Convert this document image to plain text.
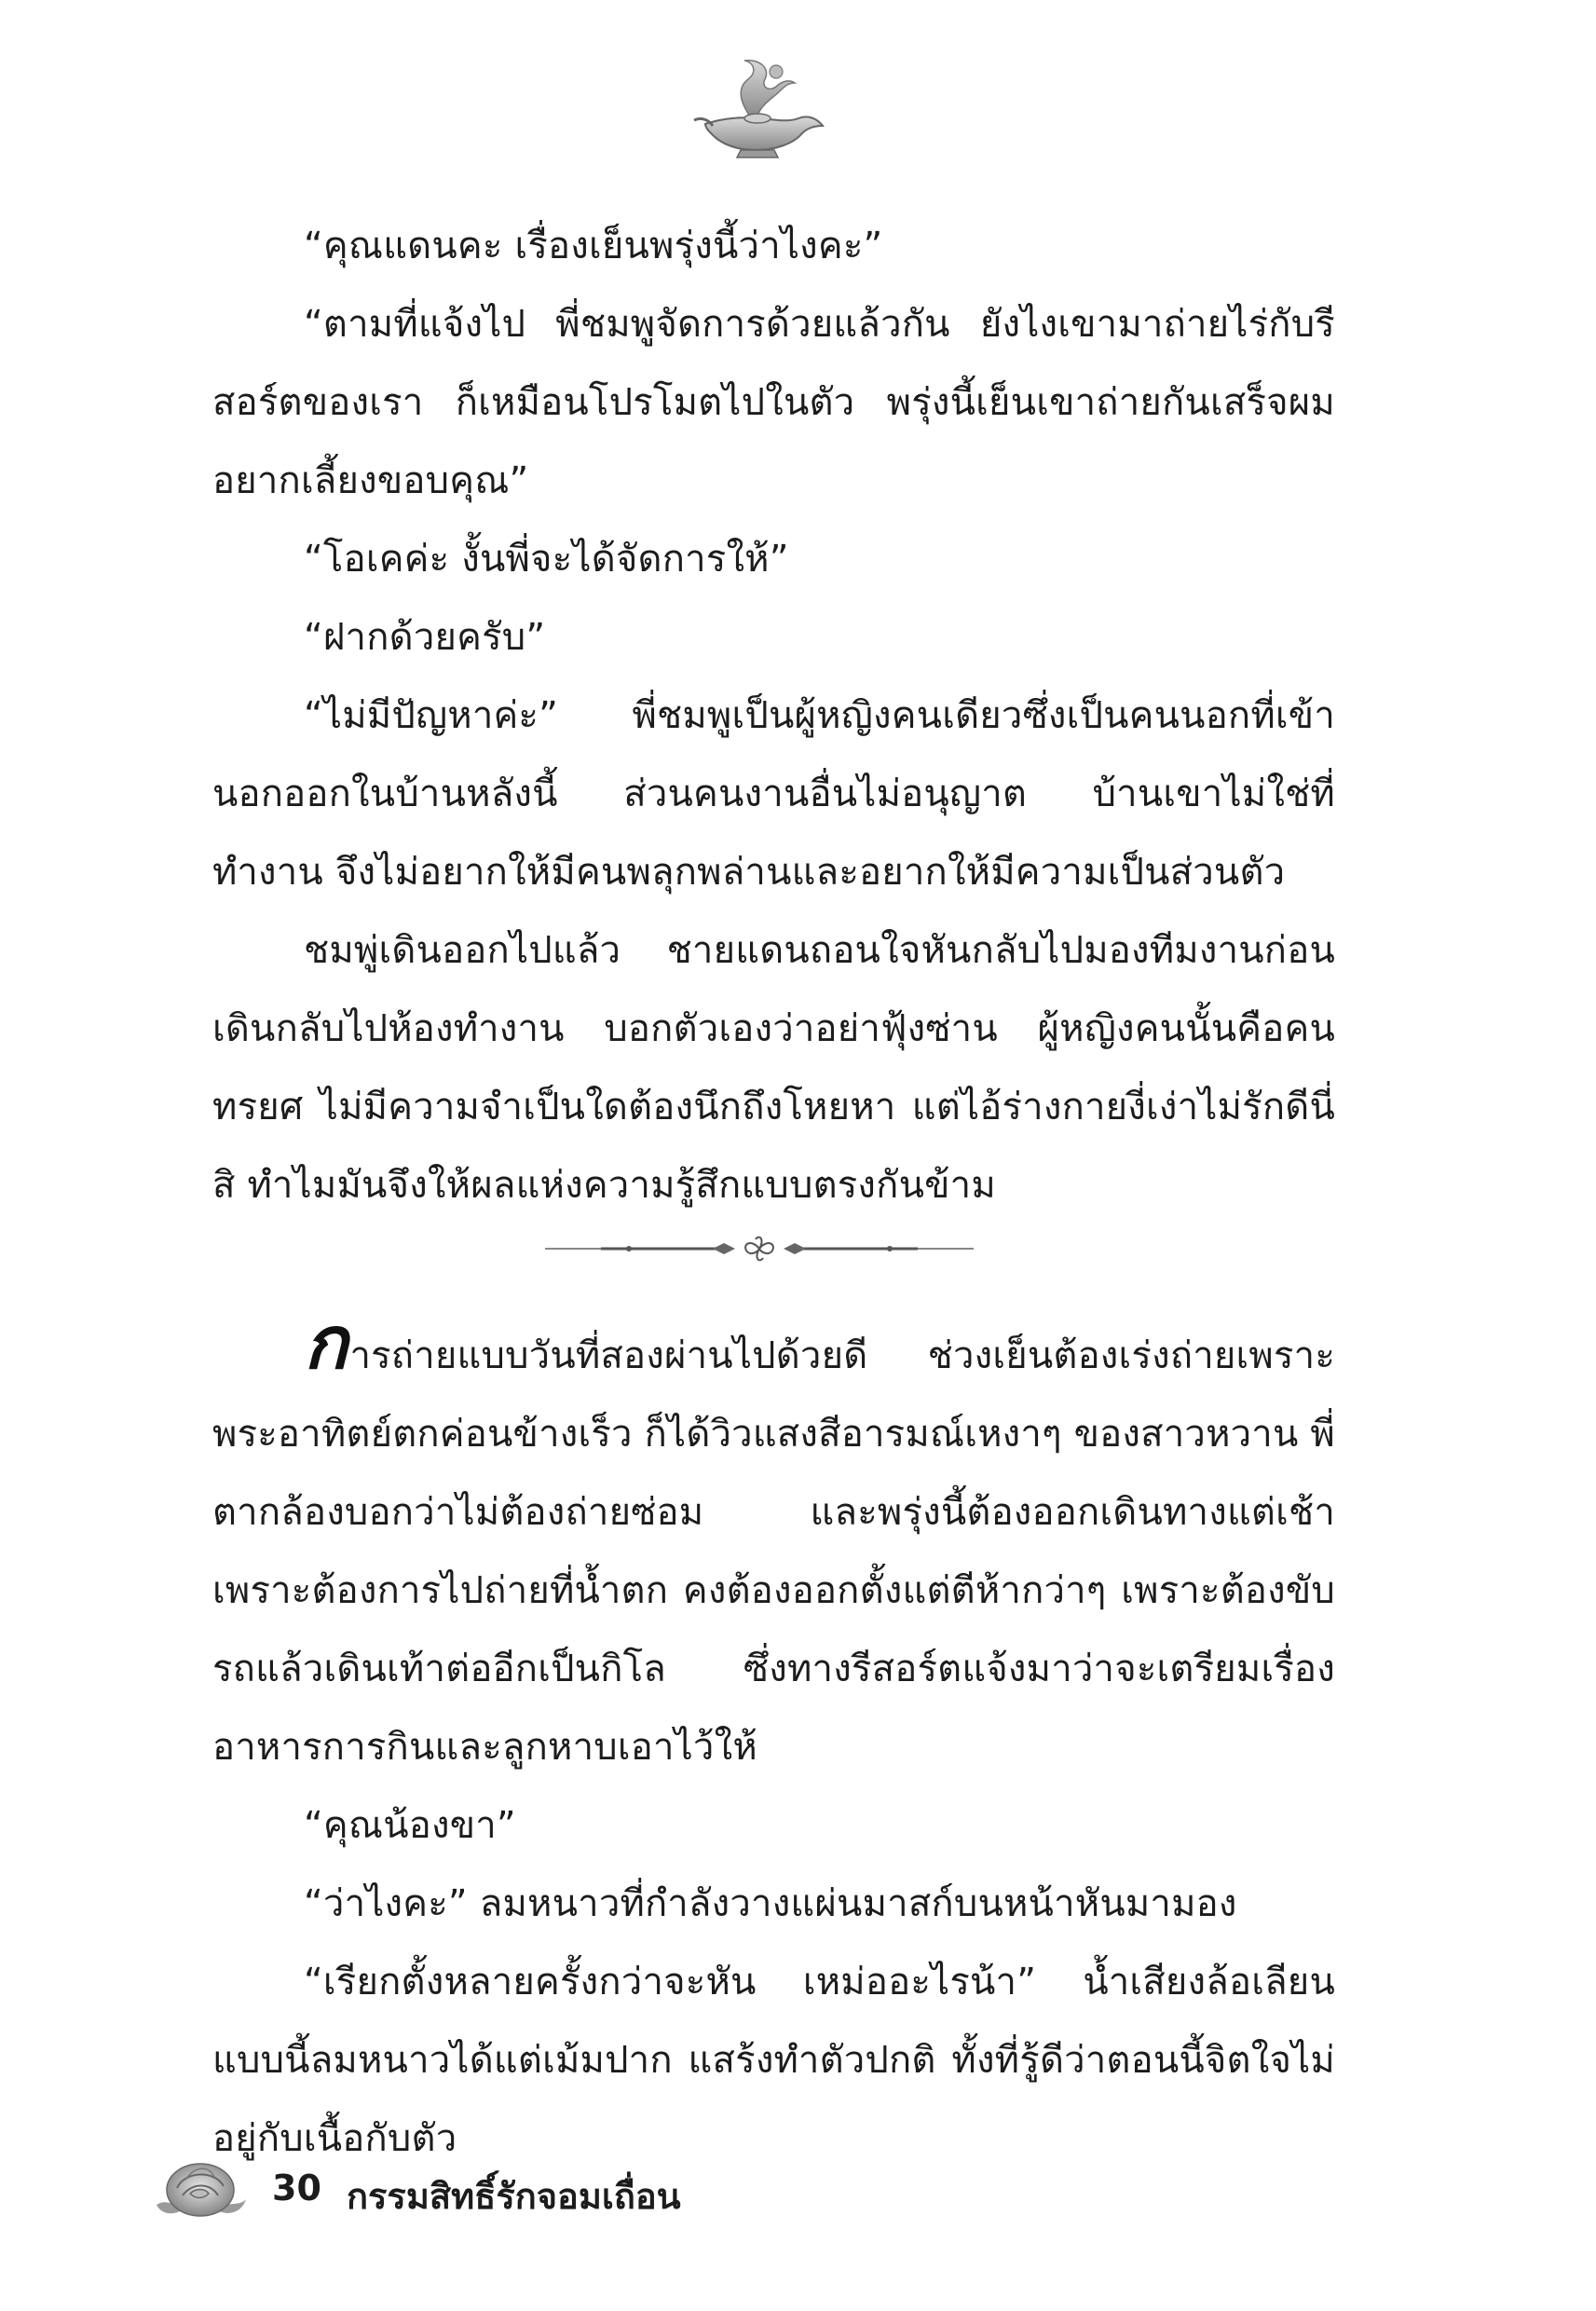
“คุณแดนคะ เรื่องเย็นพรุ่งนี้ว่าไงคะ”

“ตามที่แจ้งไป พี่ชมพูจัดการด้วยแล้วกัน ยังไงเขามาถ่ายไร่กับรีสอร์ตของเรา ก็เหมือนโปรโมตไปในตัว พรุ่งนี้เย็นเขาถ่ายกันเสร็จผมอยากเลี้ยงขอบคุณ”

“โอเคค่ะ งั้นพี่จะได้จัดการให้”

“ฝากด้วยครับ”

“ไม่มีปัญหาค่ะ” พี่ชมพูเป็นผู้หญิงคนเดียวซึ่งเป็นคนนอกที่เข้านอกออกในบ้านหลังนี้ ส่วนคนงานอื่นไม่อนุญาต บ้านเขาไม่ใช่ที่ทำงาน จึงไม่อยากให้มีคนพลุกพล่านและอยากให้มีความเป็นส่วนตัว

ชมพู่เดินออกไปแล้ว ชายแดนถอนใจหันกลับไปมองทีมงานก่อนเดินกลับไปห้องทำงาน บอกตัวเองว่าอย่าฟุ้งซ่าน ผู้หญิงคนนั้นคือคนทรยศ ไม่มีความจำเป็นใดต้องนึกถึงโหยหา แต่ไอ้ร่างกายงี่เง่าไม่รักดีนี่สิ ทำไมมันจึงให้ผลแห่งความรู้สึกแบบตรงกันข้าม

การถ่ายแบบวันที่สองผ่านไปด้วยดี ช่วงเย็นต้องเร่งถ่ายเพราะพระอาทิตย์ตกค่อนข้างเร็ว ก็ได้วิวแสงสีอารมณ์เหงาๆ ของสาวหวาน พี่ตากล้องบอกว่าไม่ต้องถ่ายซ่อม และพรุ่งนี้ต้องออกเดินทางแต่เช้าเพราะต้องการไปถ่ายที่น้ำตก คงต้องออกตั้งแต่ตีห้ากว่าๆ เพราะต้องขับรถแล้วเดินเท้าต่ออีกเป็นกิโล ซึ่งทางรีสอร์ตแจ้งมาว่าจะเตรียมเรื่องอาหารการกินและลูกหาบเอาไว้ให้

“คุณน้องขา”

“ว่าไงคะ” ลมหนาวที่กำลังวางแผ่นมาสก์บนหน้าหันมามอง

“เรียกตั้งหลายครั้งกว่าจะหัน เหม่ออะไรน้า” น้ำเสียงล้อเลียนแบบนี้ลมหนาวได้แต่เม้มปาก แสร้งทำตัวปกติ ทั้งที่รู้ดีว่าตอนนี้จิตใจไม่อยู่กับเนื้อกับตัว

30 กรรมสิทธิ์รักจอมเถื่อน
